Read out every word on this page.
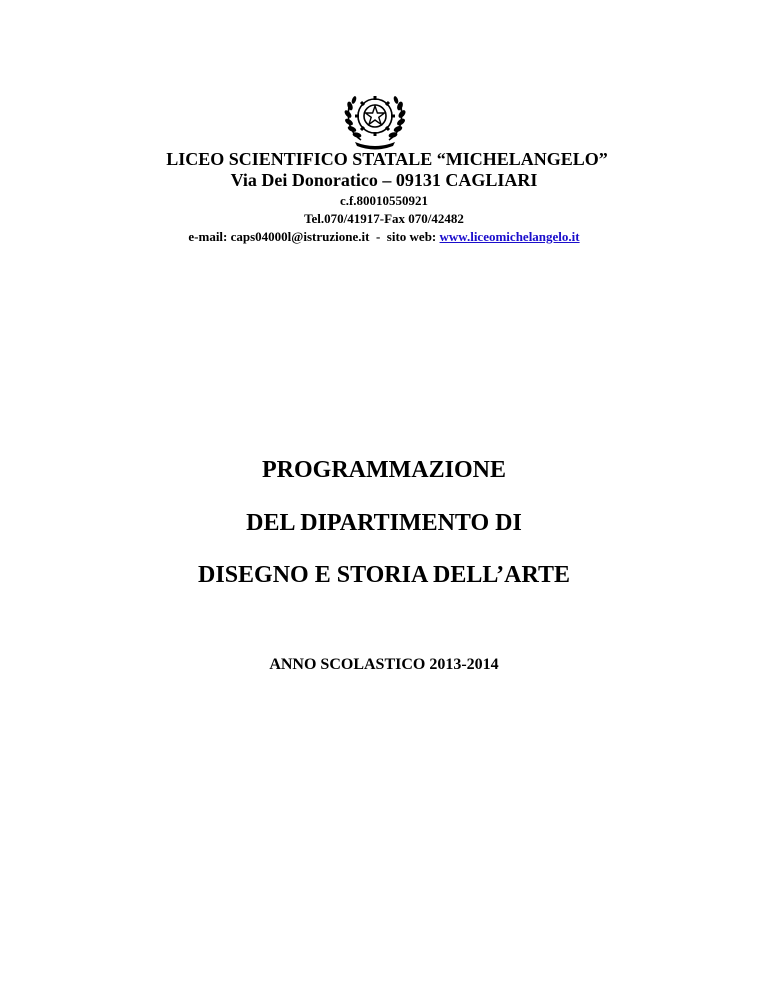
LICEO SCIENTIFICO STATALE “MICHELANGELO”
Via Dei Donoratico – 09131 CAGLIARI
c.f.80010550921
Tel.070/41917-Fax 070/42482
e-mail: caps04000l@istruzione.it  -  sito web: www.liceomichelangelo.it
PROGRAMMAZIONE
DEL DIPARTIMENTO DI
DISEGNO E STORIA DELL’ARTE
ANNO SCOLASTICO 2013-2014
